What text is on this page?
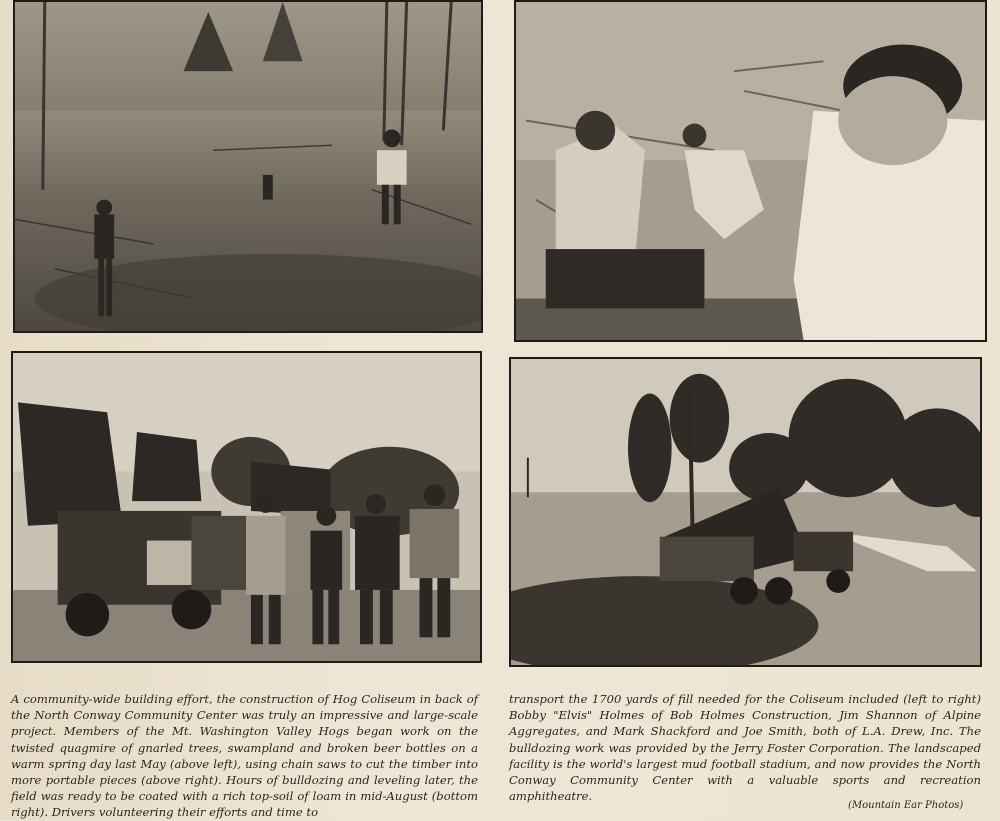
A community-wide building effort, the construction of Hog Coliseum in back of the North Conway Community Center was truly an impressive and large-scale project. Members of the Mt. Washington Valley Hogs began work on the twisted quagmire of gnarled trees, swampland and broken beer bottles on a warm spring day last May (above left), using chain saws to cut the timber into more portable pieces (above right). Hours of bulldozing and leveling later, the field was ready to be coated with a rich top-soil of loam in mid-August (bottom right). Drivers volunteering their efforts and time to
transport the 1700 yards of fill needed for the Coliseum included (left to right) Bobby "Elvis" Holmes of Bob Holmes Construction, Jim Shannon of Alpine Aggregates, and Mark Shackford and Joe Smith, both of L.A. Drew, Inc. The bulldozing work was provided by the Jerry Foster Corporation. The landscaped facility is the world's largest mud football stadium, and now provides the North Conway Community Center with a valuable sports and recreation amphitheatre.
(Mountain Ear Photos)
